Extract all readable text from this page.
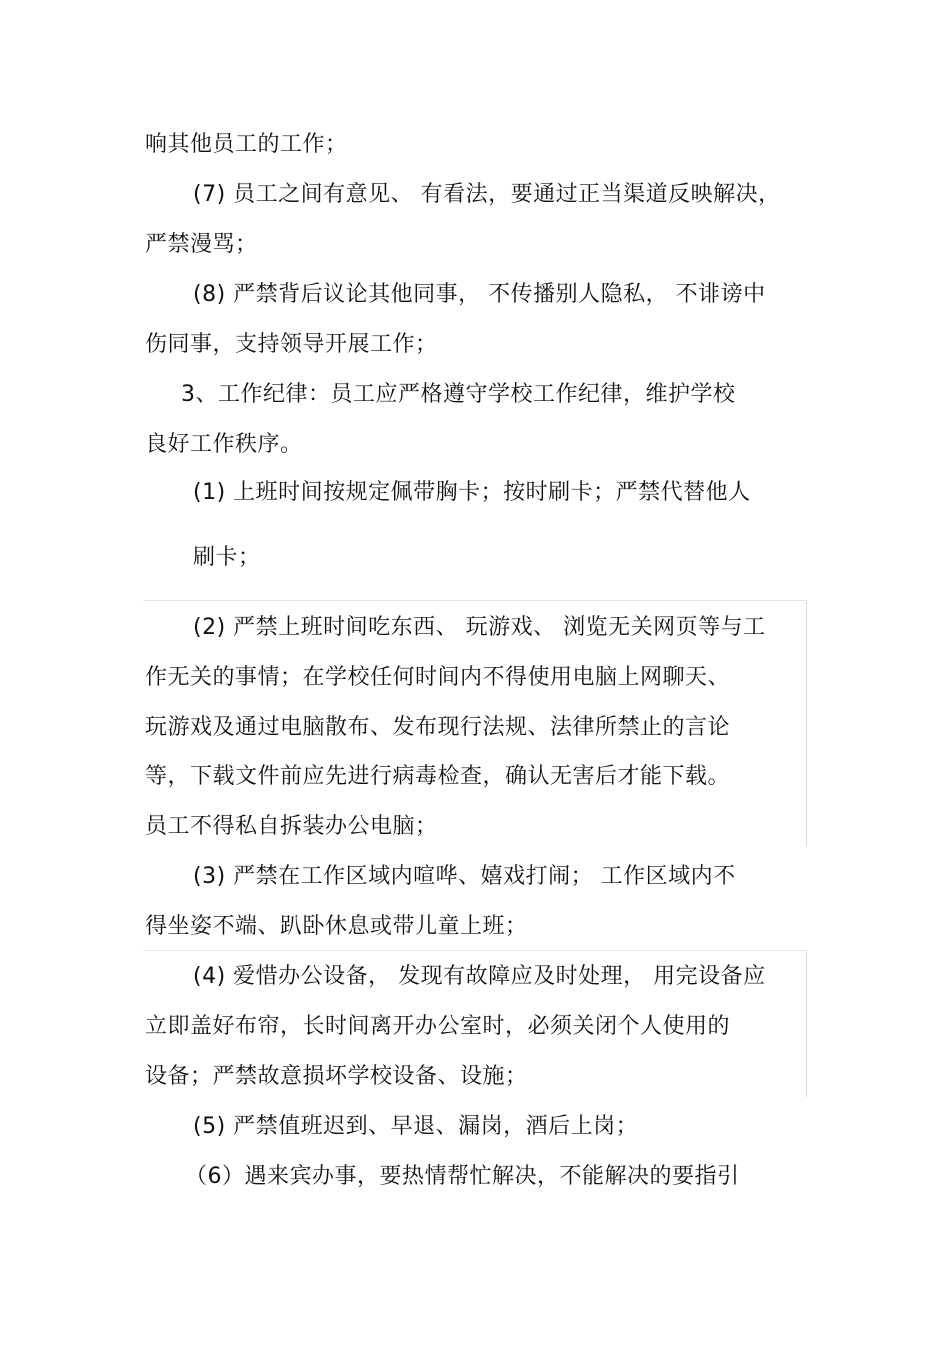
响其他员工的工作；
(7) 员工之间有意见、 有看法，要通过正当渠道反映解决，
严禁漫骂；
(8) 严禁背后议论其他同事， 不传播别人隐私， 不诽谤中
伤同事，支持领导开展工作；
3、工作纪律：员工应严格遵守学校工作纪律，维护学校
良好工作秩序。
(1) 上班时间按规定佩带胸卡；按时刷卡；严禁代替他人
刷卡；
(2) 严禁上班时间吃东西、 玩游戏、 浏览无关网页等与工
作无关的事情；在学校任何时间内不得使用电脑上网聊天、
玩游戏及通过电脑散布、发布现行法规、法律所禁止的言论
等，下载文件前应先进行病毒检查，确认无害后才能下载。
员工不得私自拆装办公电脑；
(3) 严禁在工作区域内喧哗、嬉戏打闹； 工作区域内不
得坐姿不端、趴卧休息或带儿童上班；
(4) 爱惜办公设备， 发现有故障应及时处理， 用完设备应
立即盖好布帘，长时间离开办公室时，必须关闭个人使用的
设备；严禁故意损坏学校设备、设施；
(5) 严禁值班迟到、早退、漏岗，酒后上岗；
（6）遇来宾办事，要热情帮忙解决，不能解决的要指引
